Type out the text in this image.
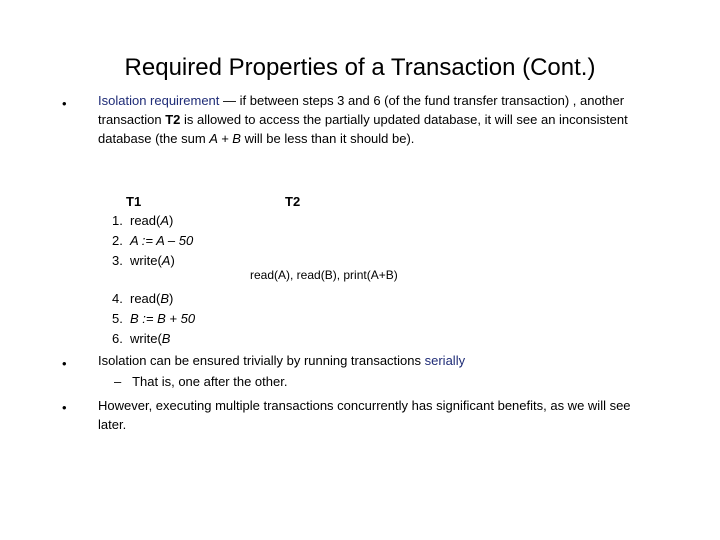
Required Properties of a Transaction (Cont.)
• Isolation requirement — if between steps 3 and 6 (of the fund transfer transaction) , another transaction T2 is allowed to access the partially updated database, it will see an inconsistent database (the sum A + B will be less than it should be).
T1	T2
1. read(A)
2. A := A – 50
3. write(A)
read(A), read(B), print(A+B)
4. read(B)
5. B := B + 50
6. write(B
• Isolation can be ensured trivially by running transactions serially
– That is, one after the other.
• However, executing multiple transactions concurrently has significant benefits, as we will see later.
